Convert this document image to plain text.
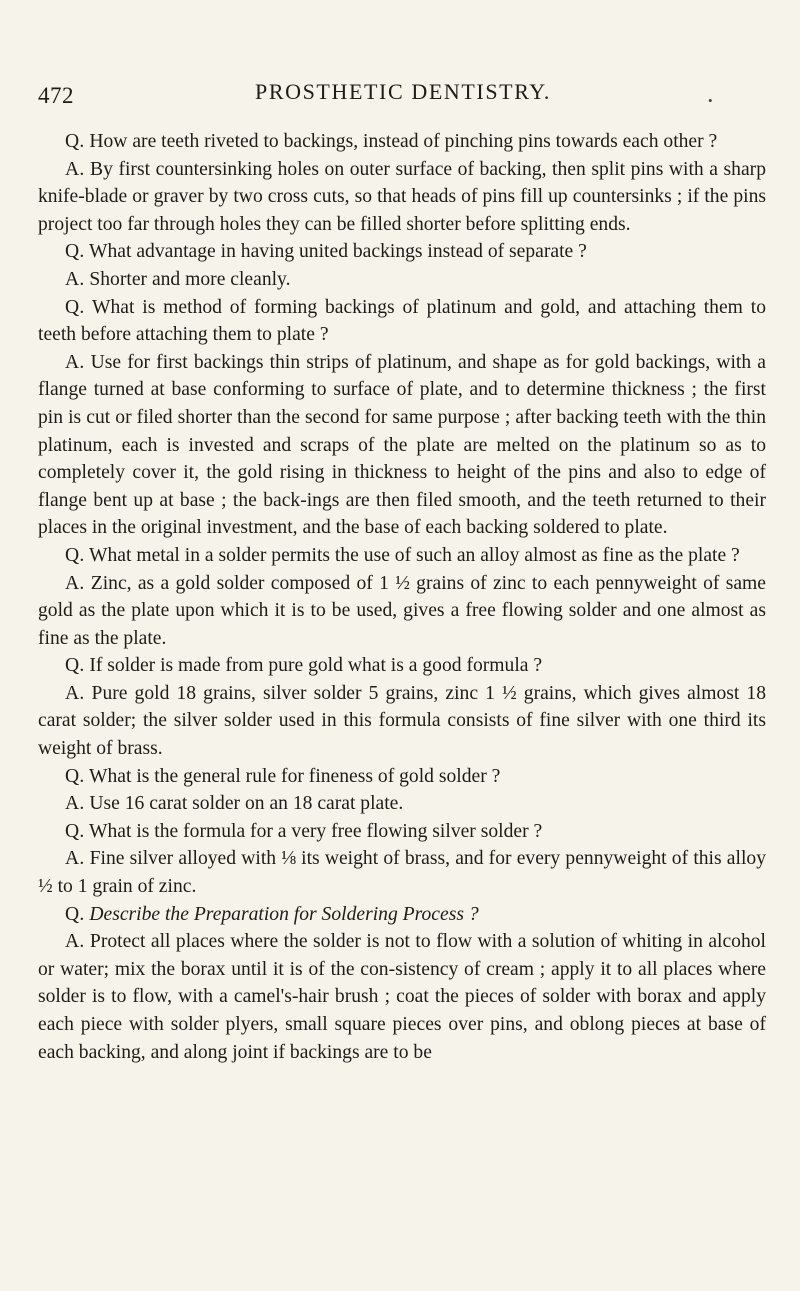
472	PROSTHETIC DENTISTRY.	•

Q. How are teeth riveted to backings, instead of pinching pins towards each other ?

A. By first countersinking holes on outer surface of backing, then split pins with a sharp knife-blade or graver by two cross cuts, so that heads of pins fill up countersinks ; if the pins project too far through holes they can be filled shorter before splitting ends.

Q. What advantage in having united backings instead of separate ?

A. Shorter and more cleanly.

Q. What is method of forming backings of platinum and gold, and attaching them to teeth before attaching them to plate ?

A. Use for first backings thin strips of platinum, and shape as for gold backings, with a flange turned at base conforming to surface of plate, and to determine thickness ; the first pin is cut or filed shorter than the second for same purpose ; after backing teeth with the thin platinum, each is invested and scraps of the plate are melted on the platinum so as to completely cover it, the gold rising in thickness to height of the pins and also to edge of flange bent up at base ; the back-ings are then filed smooth, and the teeth returned to their places in the original investment, and the base of each backing soldered to plate.

Q. What metal in a solder permits the use of such an alloy almost as fine as the plate ?

A. Zinc, as a gold solder composed of 1 ½ grains of zinc to each pennyweight of same gold as the plate upon which it is to be used, gives a free flowing solder and one almost as fine as the plate.

Q. If solder is made from pure gold what is a good formula ?

A. Pure gold 18 grains, silver solder 5 grains, zinc 1 ½ grains, which gives almost 18 carat solder; the silver solder used in this formula consists of fine silver with one third its weight of brass.

Q. What is the general rule for fineness of gold solder ?

A. Use 16 carat solder on an 18 carat plate.

Q. What is the formula for a very free flowing silver solder ?

A. Fine silver alloyed with ⅛ its weight of brass, and for every pennyweight of this alloy ½ to 1 grain of zinc.

Q. Describe the Preparation for Soldering Process ?

A. Protect all places where the solder is not to flow with a solution of whiting in alcohol or water; mix the borax until it is of the con-sistency of cream ; apply it to all places where solder is to flow, with a camel's-hair brush ; coat the pieces of solder with borax and apply each piece with solder plyers, small square pieces over pins, and oblong pieces at base of each backing, and along joint if backings are to be
